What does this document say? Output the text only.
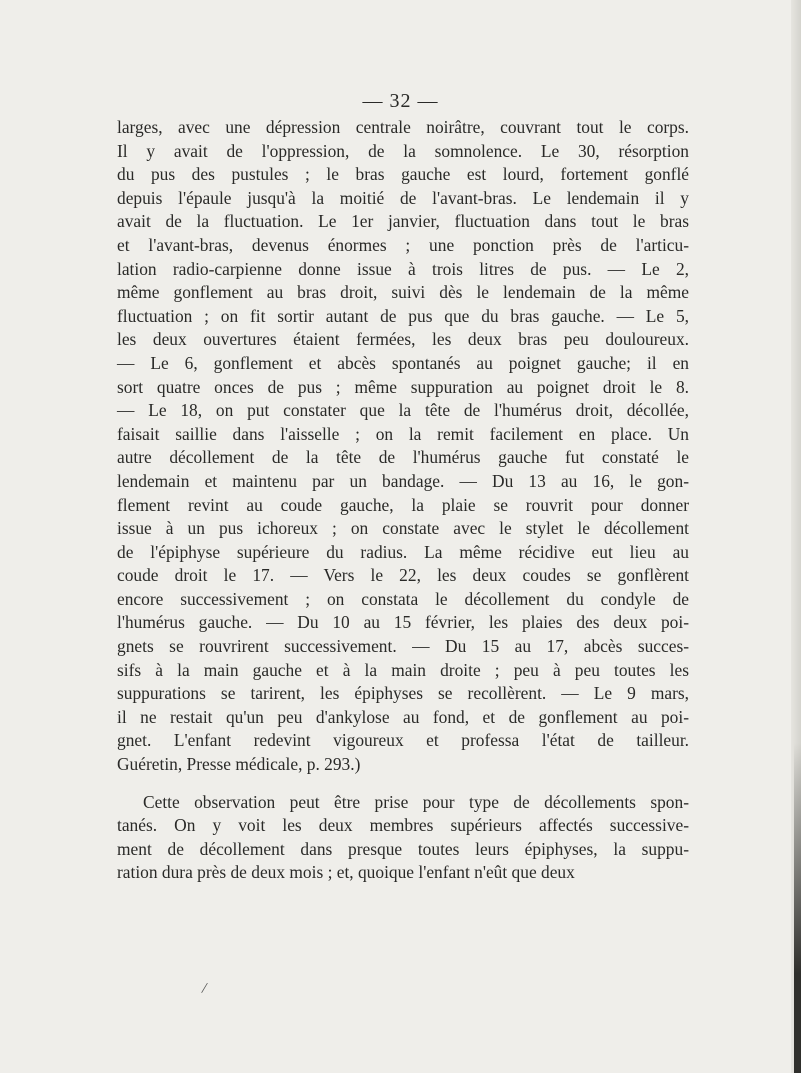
— 32 —
larges, avec une dépression centrale noirâtre, couvrant tout le corps.
Il y avait de l'oppression, de la somnolence. Le 30, résorption
du pus des pustules ; le bras gauche est lourd, fortement gonflé
depuis l'épaule jusqu'à la moitié de l'avant-bras. Le lendemain il y
avait de la fluctuation. Le 1er janvier, fluctuation dans tout le bras
et l'avant-bras, devenus énormes ; une ponction près de l'articu-
lation radio-carpienne donne issue à trois litres de pus. — Le 2,
même gonflement au bras droit, suivi dès le lendemain de la même
fluctuation ; on fit sortir autant de pus que du bras gauche. — Le 5,
les deux ouvertures étaient fermées, les deux bras peu douloureux.
— Le 6, gonflement et abcès spontanés au poignet gauche; il en
sort quatre onces de pus ; même suppuration au poignet droit le 8.
— Le 18, on put constater que la tête de l'humérus droit, décollée,
faisait saillie dans l'aisselle ; on la remit facilement en place. Un
autre décollement de la tête de l'humérus gauche fut constaté le
lendemain et maintenu par un bandage. — Du 13 au 16, le gon-
flement revint au coude gauche, la plaie se rouvrit pour donner
issue à un pus ichoreux ; on constate avec le stylet le décollement
de l'épiphyse supérieure du radius. La même récidive eut lieu au
coude droit le 17. — Vers le 22, les deux coudes se gonflèrent
encore successivement ; on constata le décollement du condyle de
l'humérus gauche. — Du 10 au 15 février, les plaies des deux poi-
gnets se rouvrirent successivement. — Du 15 au 17, abcès succes-
sifs à la main gauche et à la main droite ; peu à peu toutes les
suppurations se tarirent, les épiphyses se recollèrent. — Le 9 mars,
il ne restait qu'un peu d'ankylose au fond, et de gonflement au poi-
gnet. L'enfant redevint vigoureux et professa l'état de tailleur.
Guéretin, Presse médicale, p. 293.)
Cette observation peut être prise pour type de décollements spon-
tanés. On y voit les deux membres supérieurs affectés successive-
ment de décollement dans presque toutes leurs épiphyses, la suppu-
ration dura près de deux mois ; et, quoique l'enfant n'eût que deux
/
